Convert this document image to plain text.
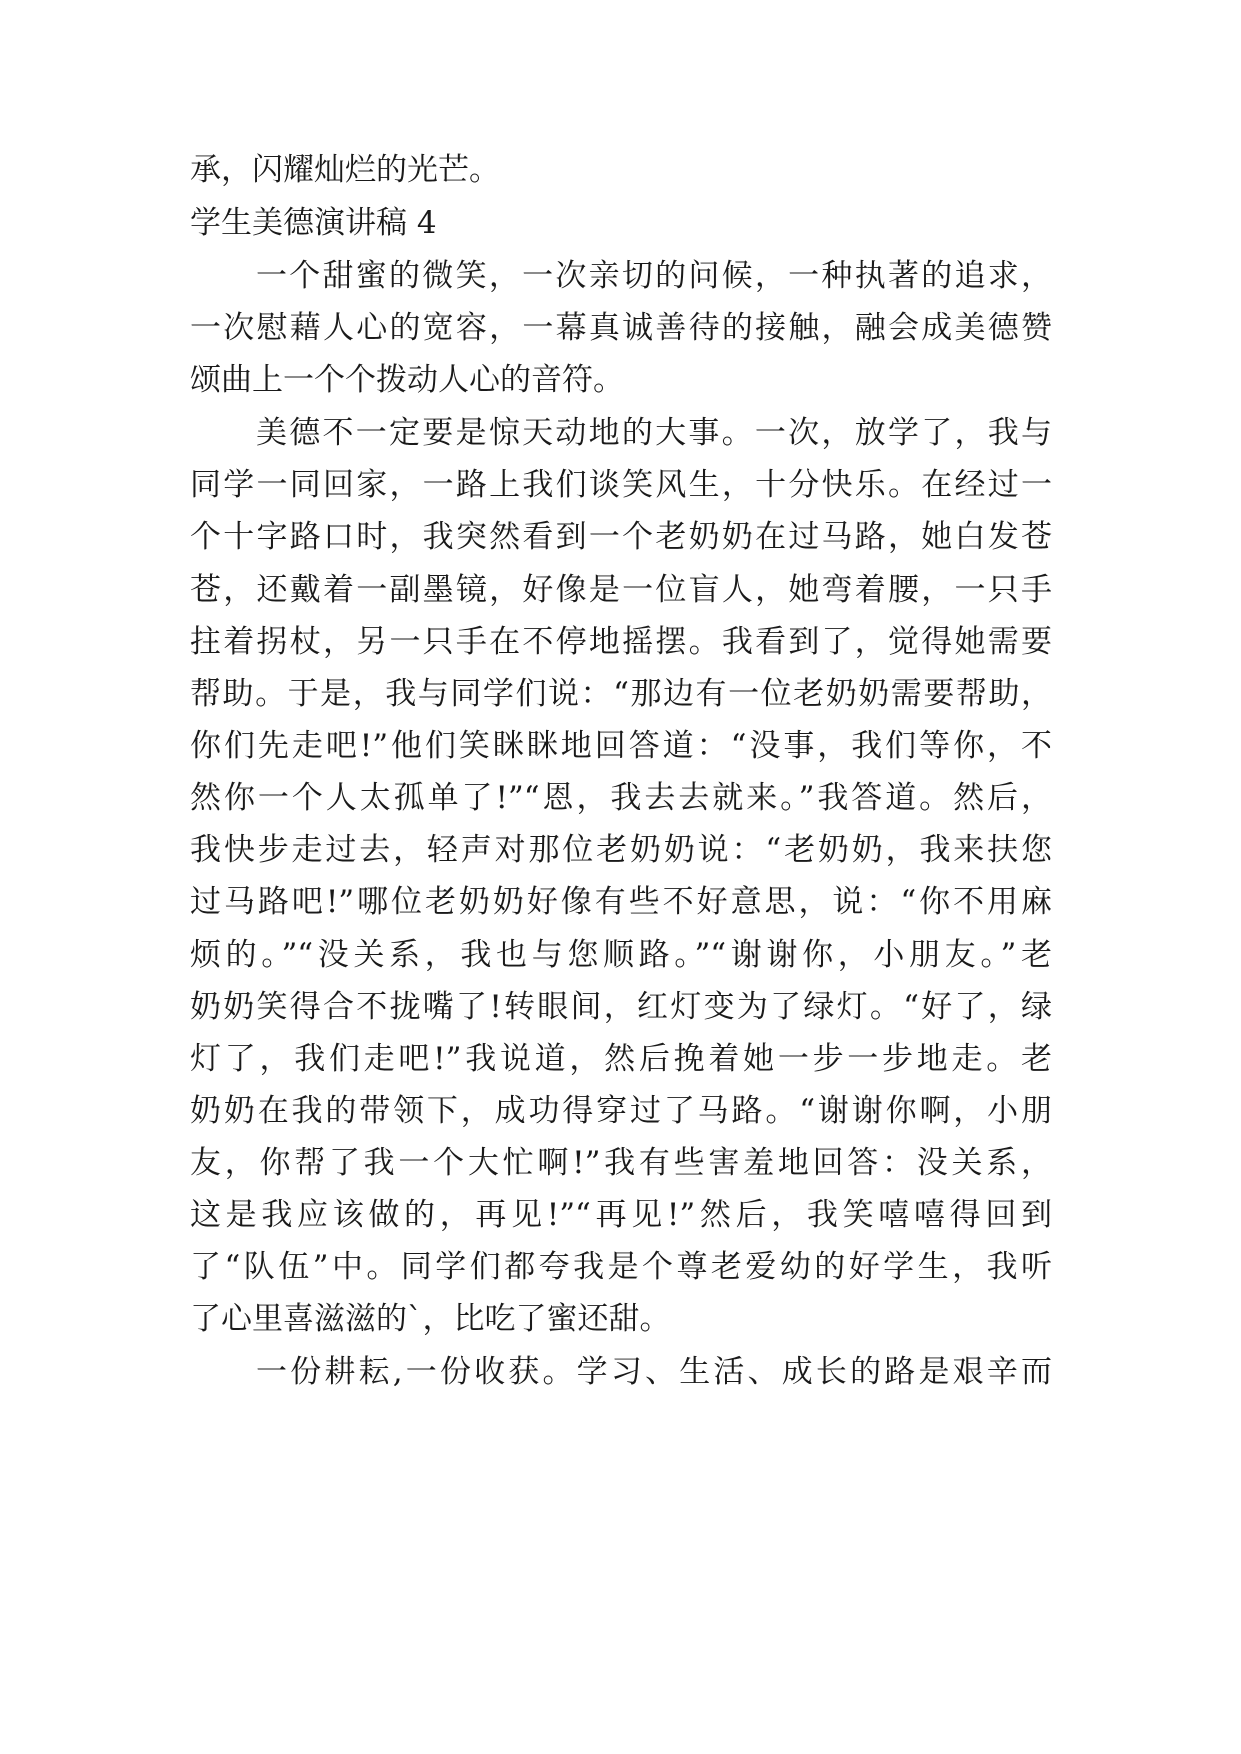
承，闪耀灿烂的光芒。
学生美德演讲稿 4
一个甜蜜的微笑，一次亲切的问候，一种执著的追求，
一次慰藉人心的宽容，一幕真诚善待的接触，融会成美德赞
颂曲上一个个拨动人心的音符。
美德不一定要是惊天动地的大事。一次，放学了，我与
同学一同回家，一路上我们谈笑风生，十分快乐。在经过一
个十字路口时，我突然看到一个老奶奶在过马路，她白发苍
苍，还戴着一副墨镜，好像是一位盲人，她弯着腰，一只手
拄着拐杖，另一只手在不停地摇摆。我看到了，觉得她需要
帮助。于是，我与同学们说：“那边有一位老奶奶需要帮助，
你们先走吧!”他们笑眯眯地回答道：“没事，我们等你，不
然你一个人太孤单了!”“恩，我去去就来。”我答道。然后，
我快步走过去，轻声对那位老奶奶说：“老奶奶，我来扶您
过马路吧!”哪位老奶奶好像有些不好意思，说：“你不用麻
烦的。”“没关系，我也与您顺路。”“谢谢你，小朋友。”老
奶奶笑得合不拢嘴了!转眼间，红灯变为了绿灯。“好了，绿
灯了，我们走吧!”我说道，然后挽着她一步一步地走。老
奶奶在我的带领下，成功得穿过了马路。“谢谢你啊，小朋
友，你帮了我一个大忙啊!”我有些害羞地回答：没关系，
这是我应该做的，再见!”“再见!”然后，我笑嘻嘻得回到
了“队伍”中。同学们都夸我是个尊老爱幼的好学生，我听
了心里喜滋滋的`，比吃了蜜还甜。
一份耕耘,一份收获。学习、生活、成长的路是艰辛而
